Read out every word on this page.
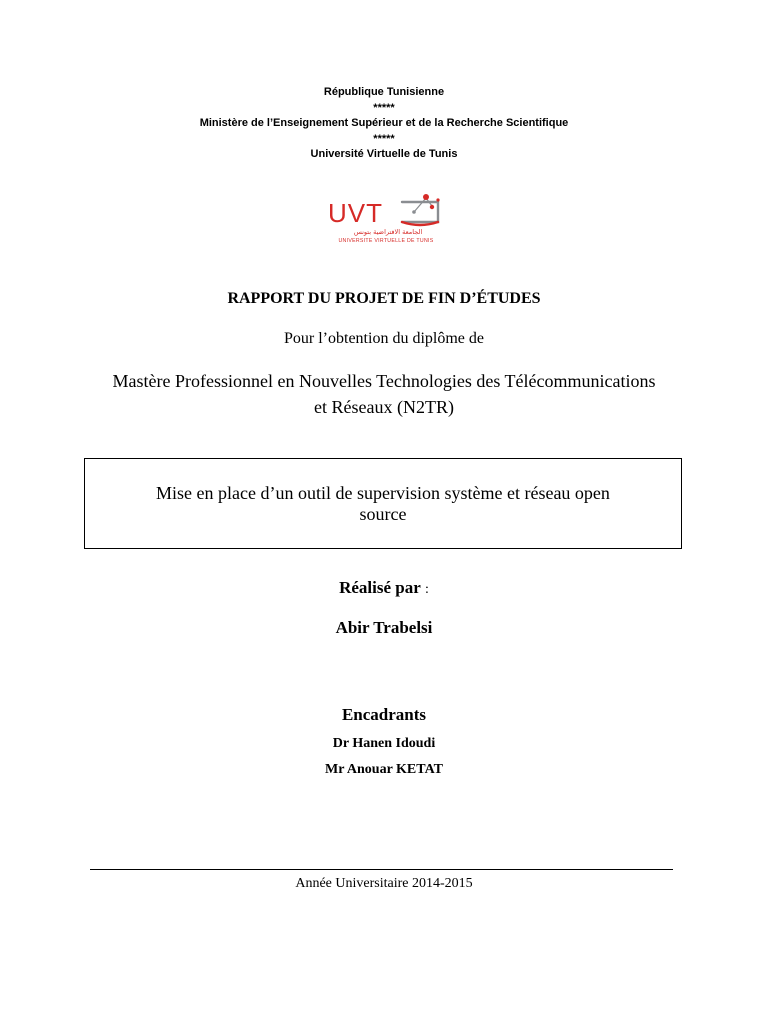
République Tunisienne
*****
Ministère de l’Enseignement Supérieur et de la Recherche Scientifique
*****
Université Virtuelle de Tunis
UVT
الجامعة الافتراضية بتونس
UNIVERSITE VIRTUELLE DE TUNIS
RAPPORT DU PROJET DE FIN D’ÉTUDES
Pour l’obtention du diplôme de
Mastère Professionnel en Nouvelles Technologies des Télécommunications
et Réseaux (N2TR)
Mise en place d’un outil de supervision système et réseau open
source
Réalisé par :
Abir Trabelsi
Encadrants
Dr Hanen Idoudi
Mr Anouar KETAT
Année Universitaire 2014-2015
